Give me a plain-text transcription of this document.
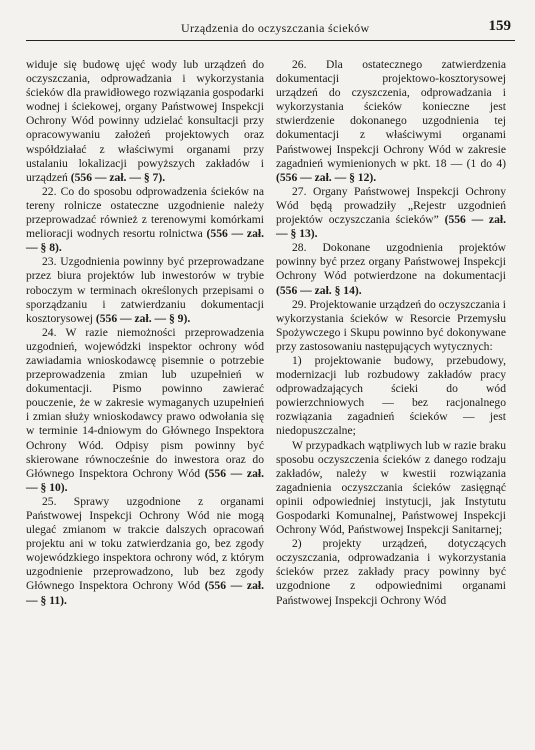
Urządzenia do oczyszczania ścieków	159

widuje się budowę ujęć wody lub urządzeń do oczyszczania, odprowadzania i wykorzystania ścieków dla prawidłowego rozwiązania gospodarki wodnej i ściekowej, organy Państwowej Inspekcji Ochrony Wód powinny udzielać konsultacji przy opracowywaniu założeń projektowych oraz współdziałać z właściwymi organami przy ustalaniu lokalizacji powyższych zakładów i urządzeń (556 — zał. — § 7).

22. Co do sposobu odprowadzenia ścieków na tereny rolnicze ostateczne uzgodnienie należy przeprowadzać również z terenowymi komórkami melioracji wodnych resortu rolnictwa (556 — zał. — § 8).

23. Uzgodnienia powinny być przeprowadzane przez biura projektów lub inwestorów w trybie roboczym w terminach określonych przepisami o sporządzaniu i zatwierdzaniu dokumentacji kosztorysowej (556 — zał. — § 9).

24. W razie niemożności przeprowadzenia uzgodnień, wojewódzki inspektor ochrony wód zawiadamia wnioskodawcę pisemnie o potrzebie przeprowadzenia zmian lub uzupełnień w dokumentacji. Pismo powinno zawierać pouczenie, że w zakresie wymaganych uzupełnień i zmian służy wnioskodawcy prawo odwołania się w terminie 14-dniowym do Głównego Inspektora Ochrony Wód. Odpisy pism powinny być skierowane równocześnie do inwestora oraz do Głównego Inspektora Ochrony Wód (556 — zał. — § 10).

25. Sprawy uzgodnione z organami Państwowej Inspekcji Ochrony Wód nie mogą ulegać zmianom w trakcie dalszych opracowań projektu ani w toku zatwierdzania go, bez zgody wojewódzkiego inspektora ochrony wód, z którym uzgodnienie przeprowadzono, lub bez zgody Głównego Inspektora Ochrony Wód (556 — zał. — § 11).

26. Dla ostatecznego zatwierdzenia dokumentacji projektowo-kosztorysowej urządzeń do czyszczenia, odprowadzania i wykorzystania ścieków konieczne jest stwierdzenie dokonanego uzgodnienia tej dokumentacji z właściwymi organami Państwowej Inspekcji Ochrony Wód w zakresie zagadnień wymienionych w pkt. 18 — (1 do 4) (556 — zał. — § 12).

27. Organy Państwowej Inspekcji Ochrony Wód będą prowadziły „Rejestr uzgodnień projektów oczyszczania ścieków” (556 — zał. — § 13).

28. Dokonane uzgodnienia projektów powinny być przez organy Państwowej Inspekcji Ochrony Wód potwierdzone na dokumentacji (556 — zał. § 14).

29. Projektowanie urządzeń do oczyszczania i wykorzystania ścieków w Resorcie Przemysłu Spożywczego i Skupu powinno być dokonywane przy zastosowaniu następujących wytycznych:

1) projektowanie budowy, przebudowy, modernizacji lub rozbudowy zakładów pracy odprowadzających ścieki do wód powierzchniowych — bez racjonalnego rozwiązania zagadnień ścieków — jest niedopuszczalne;

W przypadkach wątpliwych lub w razie braku sposobu oczyszczenia ścieków z danego rodzaju zakładów, należy w kwestii rozwiązania zagadnienia oczyszczania ścieków zasięgnąć opinii odpowiedniej instytucji, jak Instytutu Gospodarki Komunalnej, Państwowej Inspekcji Ochrony Wód, Państwowej Inspekcji Sanitarnej;

2) projekty urządzeń, dotyczących oczyszczania, odprowadzania i wykorzystania ścieków przez zakłady pracy powinny być uzgodnione z odpowiednimi organami Państwowej Inspekcji Ochrony Wód
